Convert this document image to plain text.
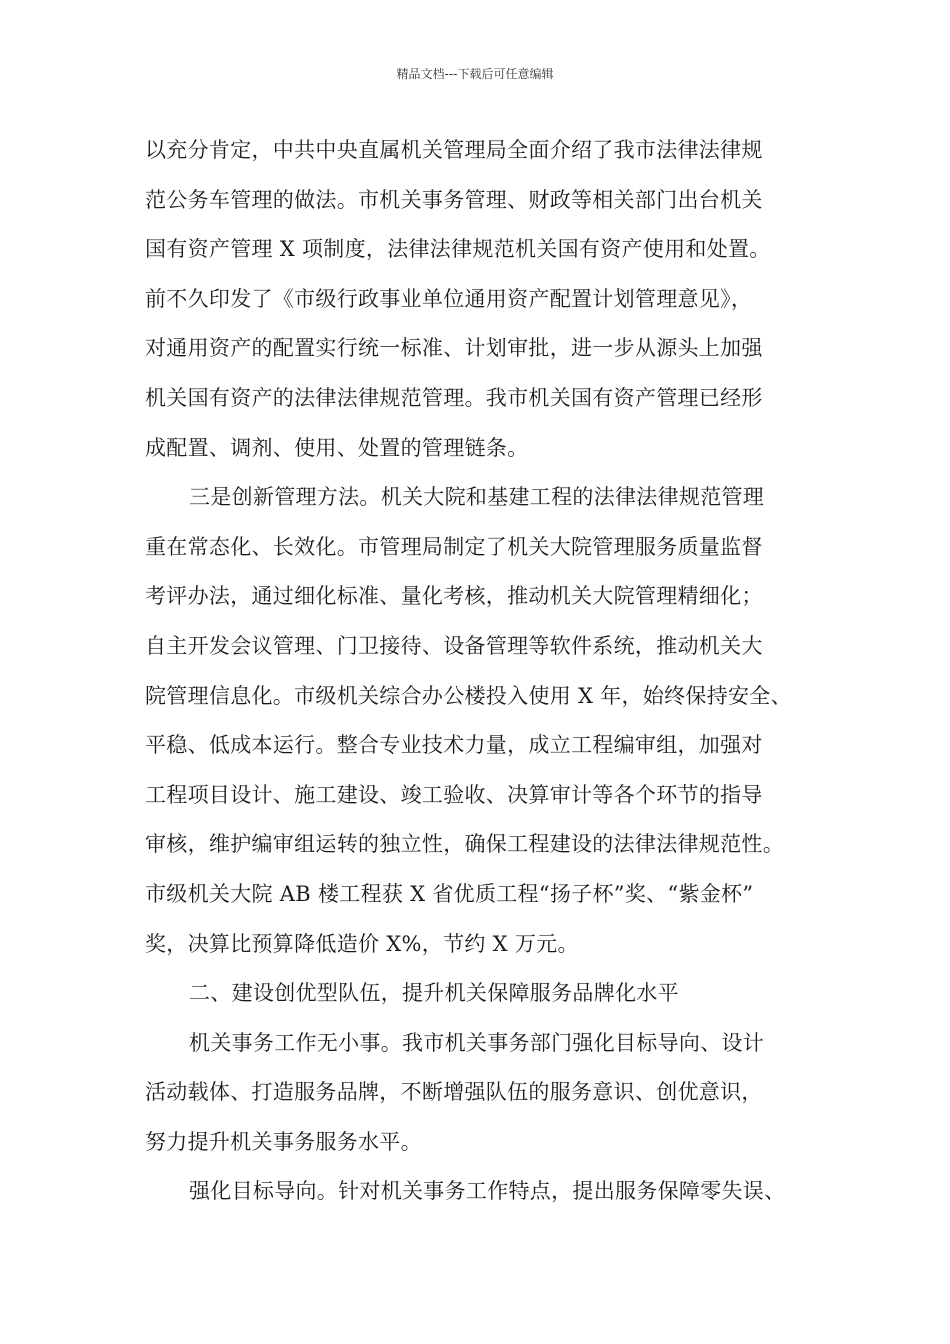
精品文档---下载后可任意编辑
以充分肯定，中共中央直属机关管理局全面介绍了我市法律法律规
范公务车管理的做法。市机关事务管理、财政等相关部门出台机关
国有资产管理 X 项制度，法律法律规范机关国有资产使用和处置。
前不久印发了《市级行政事业单位通用资产配置计划管理意见》，
对通用资产的配置实行统一标准、计划审批，进一步从源头上加强
机关国有资产的法律法律规范管理。我市机关国有资产管理已经形
成配置、调剂、使用、处置的管理链条。
三是创新管理方法。机关大院和基建工程的法律法律规范管理
重在常态化、长效化。市管理局制定了机关大院管理服务质量监督
考评办法，通过细化标准、量化考核，推动机关大院管理精细化；
自主开发会议管理、门卫接待、设备管理等软件系统，推动机关大
院管理信息化。市级机关综合办公楼投入使用 X 年，始终保持安全、
平稳、低成本运行。整合专业技术力量，成立工程编审组，加强对
工程项目设计、施工建设、竣工验收、决算审计等各个环节的指导
审核，维护编审组运转的独立性，确保工程建设的法律法律规范性。
市级机关大院 AB 楼工程获 X 省优质工程“扬子杯”奖、“紫金杯”
奖，决算比预算降低造价 X%，节约 X 万元。
二、建设创优型队伍，提升机关保障服务品牌化水平
机关事务工作无小事。我市机关事务部门强化目标导向、设计
活动载体、打造服务品牌，不断增强队伍的服务意识、创优意识，
努力提升机关事务服务水平。
强化目标导向。针对机关事务工作特点，提出服务保障零失误、
